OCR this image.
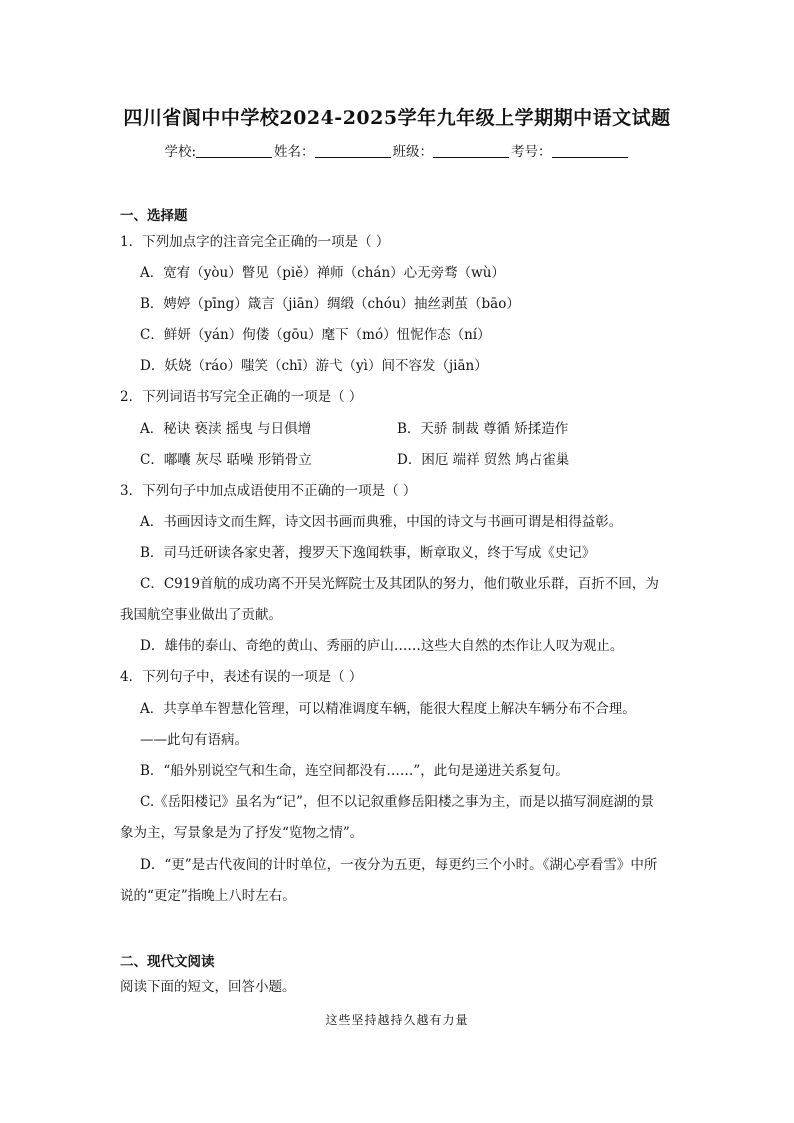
四川省阆中中学校2024-2025学年九年级上学期期中语文试题
学校:	姓名：	班级：	考号：
一、选择题
1．下列加点字的注音完全正确的一项是（ ）
A．宽宥（yòu）瞥见（piě）禅师（chán）心无旁骛（wù）
B．娉婷（pīng）箴言（jiān）绸缎（chóu）抽丝剥茧（bāo）
C．鲜妍（yán）佝偻（gōu）麾下（mó）忸怩作态（ní）
D．妖娆（ráo）嗤笑（chī）游弋（yì）间不容发（jiān）
2．下列词语书写完全正确的一项是（ ）
A．秘诀 亵渎 摇曳 与日俱增	B．天骄 制裁 尊循 矫揉造作
C．嘟囔 灰尽 聒噪 形销骨立	D．困厄 端祥 贸然 鸠占雀巢
3．下列句子中加点成语使用不正确的一项是（ ）
A．书画因诗文而生辉，诗文因书画而典雅，中国的诗文与书画可谓是相得益彰。
B．司马迁研读各家史著，搜罗天下逸闻轶事，断章取义，终于写成《史记》
C．C919首航的成功离不开吴光辉院士及其团队的努力，他们敬业乐群，百折不回，为
我国航空事业做出了贡献。
D．雄伟的泰山、奇绝的黄山、秀丽的庐山……这些大自然的杰作让人叹为观止。
4．下列句子中，表述有误的一项是（ ）
A．共享单车智慧化管理，可以精准调度车辆，能很大程度上解决车辆分布不合理。
——此句有语病。
B．“船外别说空气和生命，连空间都没有……”，此句是递进关系复句。
C.《岳阳楼记》虽名为“记”，但不以记叙重修岳阳楼之事为主，而是以描写洞庭湖的景
象为主，写景象是为了抒发“览物之情”。
D．“更”是古代夜间的计时单位，一夜分为五更，每更约三个小时。《湖心亭看雪》中所
说的“更定”指晚上八时左右。
二、现代文阅读
阅读下面的短文，回答小题。
这些坚持越持久越有力量
